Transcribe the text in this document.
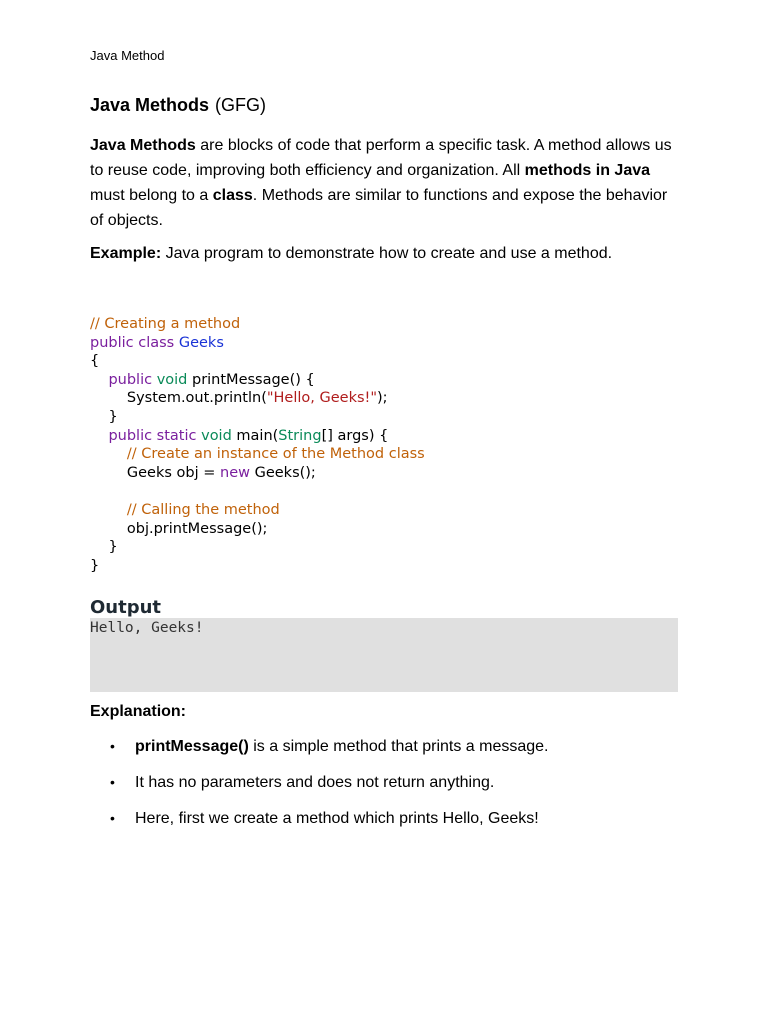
Java Method
Java Methods (GFG)
Java Methods are blocks of code that perform a specific task. A method allows us to reuse code, improving both efficiency and organization. All methods in Java must belong to a class. Methods are similar to functions and expose the behavior of objects.
Example: Java program to demonstrate how to create and use a method.
// Creating a method
public class Geeks
{
public void printMessage() {
System.out.println("Hello, Geeks!");
}
public static void main(String[] args) {
// Create an instance of the Method class
Geeks obj = new Geeks();

// Calling the method
obj.printMessage();
}
}
Output
Hello, Geeks!
Explanation:
• printMessage() is a simple method that prints a message.
• It has no parameters and does not return anything.
• Here, first we create a method which prints Hello, Geeks!
